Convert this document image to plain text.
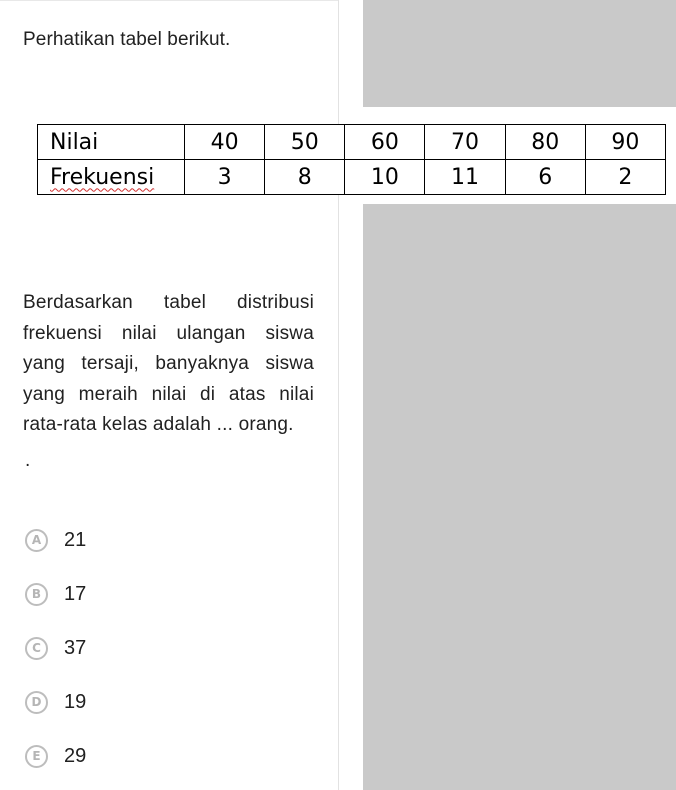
Perhatikan tabel berikut.
Nilai	40	50	60	70	80	90
Frekuensi	3	8	10	11	6	2
Berdasarkan tabel distribusi frekuensi nilai ulangan siswa yang tersaji, banyaknya siswa yang meraih nilai di atas nilai rata-rata kelas adalah ... orang.
.
A	21
B	17
C	37
D	19
E	29
